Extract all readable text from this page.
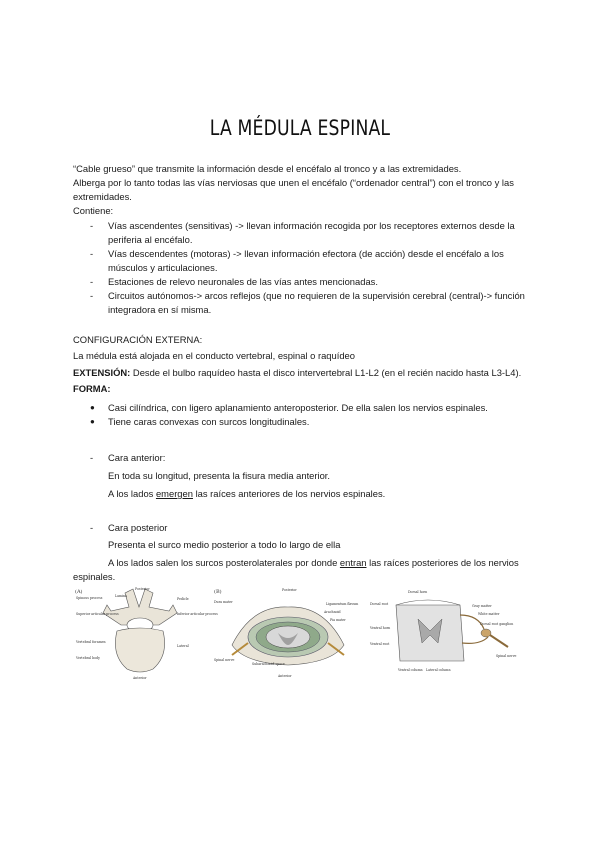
LA MÉDULA ESPINAL
“Cable grueso” que transmite la información desde el encéfalo al tronco y a las extremidades.
Alberga por lo tanto todas las vías nerviosas que unen el encéfalo (“ordenador central”) con el tronco y las extremidades.
Contiene:
- Vías ascendentes (sensitivas) -> llevan información recogida por los receptores externos desde la periferia al encéfalo.
- Vías descendentes (motoras) -> llevan información efectora (de acción) desde el encéfalo a los músculos y articulaciones.
- Estaciones de relevo neuronales de las vías antes mencionadas.
- Circuitos autónomos-> arcos reflejos (que no requieren de la supervisión cerebral (central)-> función integradora en sí misma.
CONFIGURACIÓN EXTERNA:
La médula está alojada en el conducto vertebral, espinal o raquídeo
EXTENSIÓN: Desde el bulbo raquídeo hasta el disco intervertebral L1-L2 (en el recién nacido hasta L3-L4).
FORMA:
● Casi cilíndrica, con ligero aplanamiento anteroposterior. De ella salen los nervios espinales.
● Tiene caras convexas con surcos longitudinales.
- Cara anterior:
En toda su longitud, presenta la fisura media anterior.
A los lados emergen las raíces anteriores de los nervios espinales.
- Cara posterior
Presenta el surco medio posterior a todo lo largo de ella
A los lados salen los surcos posterolaterales por donde entran las raíces posteriores de los nervios
espinales.
(A)	Posterior
Lamina
Spinous process	Pedicle
Superior articular process	Inferior articular process
Vertebral foramen
Vertebral body
Lateral
Anterior
(B)	Posterior
Dura mater
Arachnoid
Pia mater
Ligamentum flavum
Spinal nerve
Subarachnoid space
Anterior
Dorsal horn
Dorsal root	Gray matter
White matter
Ventral horn
Ventral root
Spinal nerve
Dorsal root ganglion
Lateral column
Ventral column
